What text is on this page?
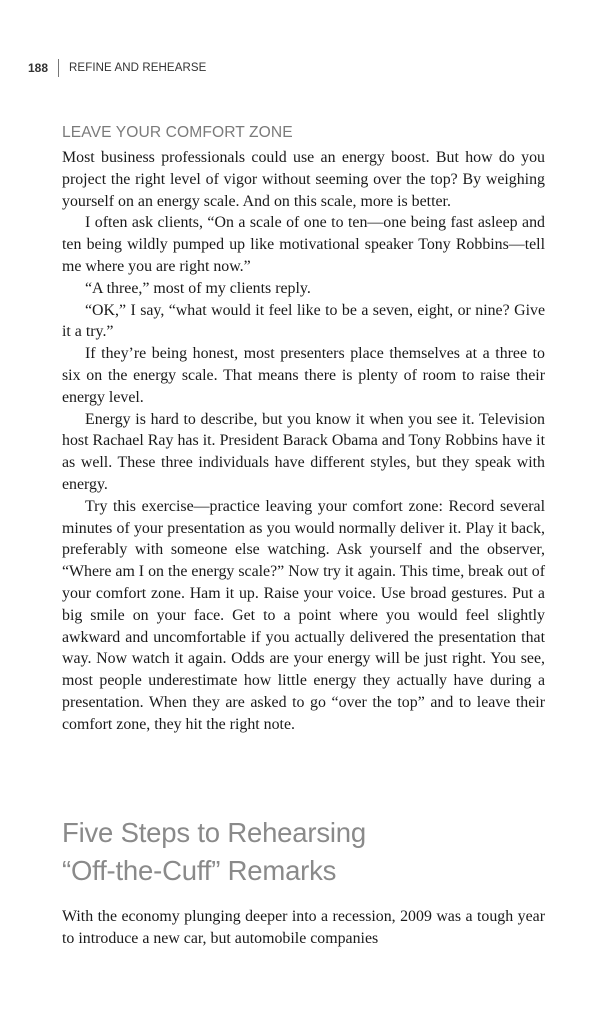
188 REFINE AND REHEARSE
LEAVE YOUR COMFORT ZONE

Most business professionals could use an energy boost. But how do you project the right level of vigor without seeming over the top? By weighing yourself on an energy scale. And on this scale, more is better.

I often ask clients, “On a scale of one to ten—one being fast asleep and ten being wildly pumped up like motivational speaker Tony Robbins—tell me where you are right now.”

“A three,” most of my clients reply.

“OK,” I say, “what would it feel like to be a seven, eight, or nine? Give it a try.”

If they’re being honest, most presenters place themselves at a three to six on the energy scale. That means there is plenty of room to raise their energy level.

Energy is hard to describe, but you know it when you see it. Television host Rachael Ray has it. President Barack Obama and Tony Robbins have it as well. These three individuals have different styles, but they speak with energy.

Try this exercise—practice leaving your comfort zone: Record several minutes of your presentation as you would normally deliver it. Play it back, preferably with someone else watching. Ask yourself and the observer, “Where am I on the energy scale?” Now try it again. This time, break out of your comfort zone. Ham it up. Raise your voice. Use broad gestures. Put a big smile on your face. Get to a point where you would feel slightly awkward and uncomfortable if you actually delivered the presentation that way. Now watch it again. Odds are your energy will be just right. You see, most people underestimate how little energy they actually have during a presentation. When they are asked to go “over the top” and to leave their comfort zone, they hit the right note.

Five Steps to Rehearsing
“Off-the-Cuff” Remarks

With the economy plunging deeper into a recession, 2009 was a tough year to introduce a new car, but automobile companies
